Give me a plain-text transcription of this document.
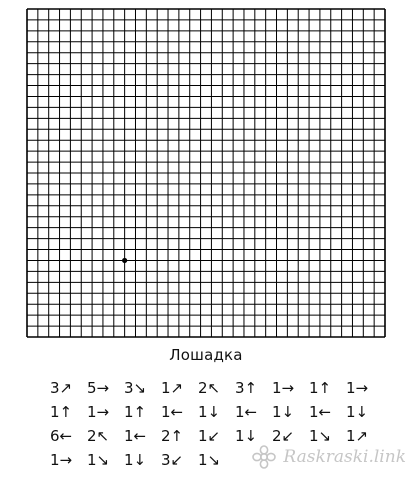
Лошадка
3↗ 5→ 3↘ 1↗ 2↖ 3↑ 1→ 1↑ 1→
1↑ 1→ 1↑ 1← 1↓ 1← 1↓ 1← 1↓
6← 2↖ 1← 2↑ 1↙ 1↓ 2↙ 1↘ 1↗
1→ 1↘ 1↓ 3↙ 1↘	Raskraski.link
